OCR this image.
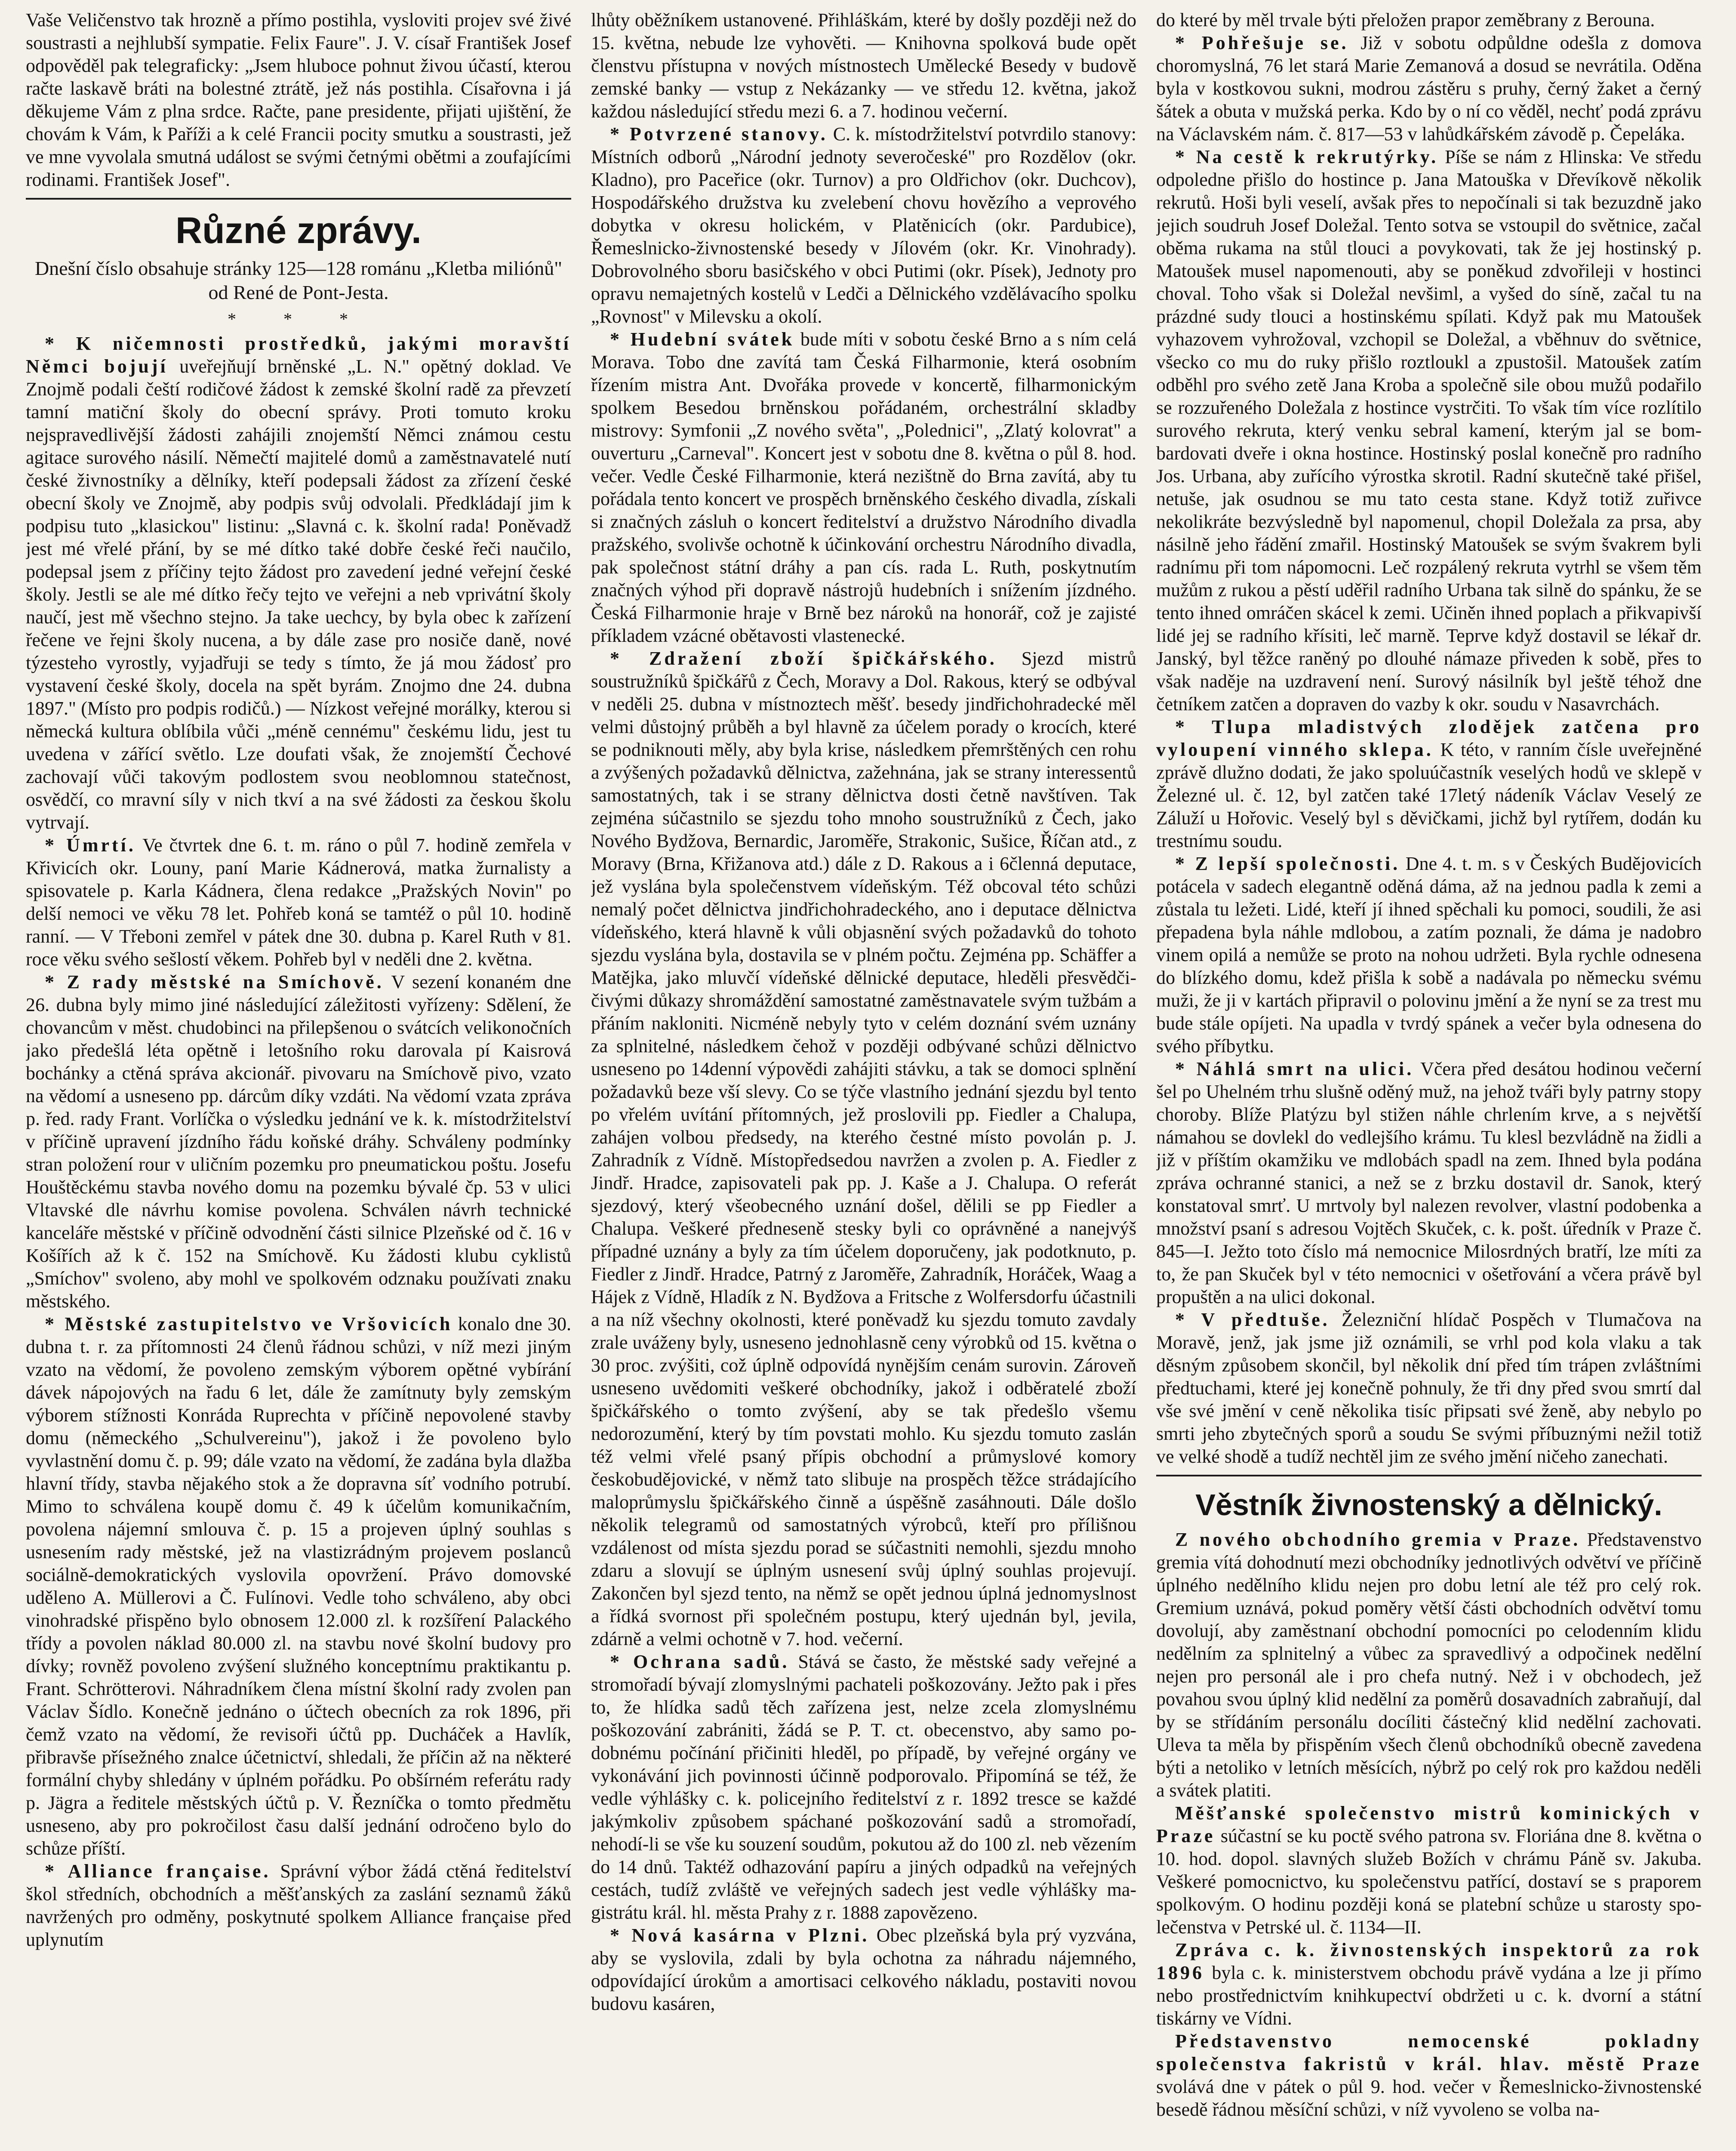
Vaše Veličenstvo tak hrozně a přímo postihla, vysloviti projev své živé soustrasti a nejhlubší sympatie. Felix Faure". J. V. císař František Josef odpověděl pak telegraficky: „Jsem hluboce pohnut živou účastí, kterou račte laskavě bráti na bolestné ztrátě, jež nás postihla. Císařovna i já děkujeme Vám z plna srdce. Račte, pane presidente, přijati ujištění, že chovám k Vám, k Paříži a k celé Francii pocity smutku a soustrasti, jež ve mne vyvolala smutná událost se svými četnými obětmi a zoufajícími rodinami. František Josef".

Různé zprávy.
Dnešní číslo obsahuje stránky 125—128 románu „Kletba miliónů" od René de Pont-Jesta.
* * *

* K ničemnosti prostředků, jakými moravští Němci bojují uveřejňují brněnské „L. N." opětný doklad. Ve Znojmě podali čeští rodičové žádost k zemské školní radě za převzetí tamní matiční školy do obecní správy. Proti tomuto kroku nejspravedlivější žádosti zahájili znojemští Němci známou cestu agitace surového násilí. Němečtí majitelé domů a zaměstnavatelé nutí české živnostníky a dělníky, kteří podepsali žádost za zřízení české obecní školy ve Znojmě, aby podpis svůj odvolali. Předkládají jim k podpisu tuto „klasickou" listinu: „Slavná c. k. školní rada! Poněvadž jest mé vřelé přání, by se mé dítko také dobře české řeči naučilo, podepsal jsem z příčiny tejto žádost pro zavedení jedné veřejní české školy. Jestli se ale mé dítko řečy tejto ve veřejni a neb vprivátní školy naučí, jest mě všechno stejno. Ja take uechcy, by byla obec k zařízení řečene ve řejni školy nucena, a by dále zase pro nosiče daně, nové týzesteho vyrostly, vyjadřuji se tedy s tímto, že já mou žádosť pro vystavení české školy, docela na spět byrám. Znojmo dne 24. dubna 1897." (Místo pro podpis rodičů.) — Nízkost veřejné morálky, kterou si německá kultura oblíbila vůči „méně cennému" českému lidu, jest tu uvedena v zářící světlo. Lze doufati však, že znojemští Čechové zachovají vůči takovým podlostem svou neoblomnou statečnost, osvědčí, co mravní síly v nich tkví a na své žádosti za českou školu vytrvají.

* Úmrtí. Ve čtvrtek dne 6. t. m. ráno o půl 7. hodině zemřela v Křivicích okr. Louny, paní Marie Kádnerová, matka žurnalisty a spisovatele p. Karla Kádnera, člena redakce „Pražských Novin" po delší nemoci ve věku 78 let. Pohřeb koná se tamtéž o půl 10. hodině ranní. — V Třeboni zemřel v pátek dne 30. dubna p. Karel Ruth v 81. roce věku svého sešlostí věkem. Pohřeb byl v neděli dne 2. května.

* Z rady městské na Smíchově. V sezení konaném dne 26. dubna byly mimo jiné následující záležitosti vyřízeny: Sdělení, že chovancům v měst. chudobinci na přilepšenou o svátcích velikonočních jako předešlá léta opětně i letošního roku darovala pí Kaisrová bochánky a ctěná správa akcionář. pivovaru na Smíchově pivo, vzato na vědomí a usneseno pp. dárcům díky vzdáti. Na vědomí vzata zpráva p. řed. rady Frant. Vorlíčka o výsledku jednání ve k. k. místodržitelství v příčině upravení jízdního řádu koňské dráhy. Schváleny podmínky stran položení rour v uličním pozemku pro pneumatickou poštu. Josefu Houštěckému stavba nového domu na pozemku bývalé čp. 53 v ulici Vltavské dle návrhu komise povolena. Schválen návrh technické kanceláře městské v příčině odvodnění části silnice Plzeňské od č. 16 v Košířích až k č. 152 na Smíchově. Ku žádosti klubu cyklistů „Smíchov" svoleno, aby mohl ve spolkovém odznaku používati znaku městského.

* Městské zastupitelstvo ve Vršovicích konalo dne 30. dubna t. r. za přítomnosti 24 členů řádnou schůzi, v níž mezi jiným vzato na vědomí, že povoleno zemským výborem opětné vybírání dávek nápojových na řadu 6 let, dále že zamítnuty byly zemským výborem stížnosti Konráda Ruprechta v příčině nepovolené stavby domu (německého „Schulvereinu"), jakož i že povoleno bylo vyvlastnění domu č. p. 99; dále vzato na vědomí, že zadána byla dlažba hlavní třídy, stavba nějakého stok a že dopravna síť vodního potrubí. Mimo to schválena koupě domu č. 49 k účelům komunikačním, povolena nájemní smlouva č. p. 15 a projeven úplný souhlas s usnesením rady městské, jež na vlastizrádným projevem poslanců sociálně-demokratických vyslovila opovržení. Právo domovské uděleno A. Müllerovi a Č. Fulínovi. Vedle toho schváleno, aby obci vinohradské přispěno bylo obnosem 12.000 zl. k rozšíření Palackého třídy a povolen náklad 80.000 zl. na stavbu nové školní budovy pro dívky; rovněž povoleno zvýšení služného konceptnímu praktikantu p. Frant. Schrötterovi. Náhradníkem člena místní školní rady zvolen pan Václav Šídlo. Konečně jednáno o účtech obecních za rok 1896, při čemž vzato na vědomí, že revisoři účtů pp. Ducháček a Havlík, přibravše přísežného znalce účetnictví, shledali, že příčin až na některé formální chyby shledány v úplném pořádku. Po obšírném referátu rady p. Jägra a ředitele městských účtů p. V. Řezníčka o tomto předmětu usneseno, aby pro pokročilost času další jednání odročeno bylo do schůze příští.

* Alliance française. Správní výbor žádá ctěná ředitelství škol středních, obchodních a měšťanských za zaslání seznamů žáků navržených pro odměny, poskytnuté spolkem Alliance française před uplynutím

lhůty oběžníkem ustanovené. Přihláškám, které by došly později než do 15. května, nebude lze vyhověti. — Knihovna spolková bude opět členstvu přístupna v nových místnostech Umělecké Besedy v budově zemské banky — vstup z Nekázanky — ve středu 12. května, jakož každou následující středu mezi 6. a 7. hodinou večerní.

* Potvrzené stanovy. C. k. místodržitelství potvrdilo stanovy: Místních odborů „Národní jednoty severočeské" pro Rozdělov (okr. Kladno), pro Paceřice (okr. Turnov) a pro Oldřichov (okr. Duchcov), Hospodářského družstva ku zvelebení chovu hovězího a veprového dobytka v okresu holickém, v Platěnicích (okr. Pardubice), Řemeslnicko-živnostenské besedy v Jílovém (okr. Kr. Vinohrady). Dobrovolného sboru basičského v obci Putimi (okr. Písek), Jednoty pro opravu nemajetných kostelů v Ledči a Dělnického vzdělávacího spolku „Rovnost" v Milevsku a okolí.

* Hudební svátek bude míti v sobotu české Brno a s ním celá Morava. Tobo dne zavítá tam Česká Filharmonie, která osobním řízením mistra Ant. Dvořáka provede v koncertě, filharmonickým spolkem Besedou brněnskou pořádaném, orchestrální skladby mistrovy: Symfonii „Z nového světa", „Polednici", „Zlatý kolovrat" a ouverturu „Carneval". Koncert jest v sobotu dne 8. května o půl 8. hod. večer. Vedle České Filharmonie, která nezištně do Brna zavítá, aby tu pořádala tento koncert ve prospěch brněnského českého divadla, získali si značných zásluh o koncert ředitelství a družstvo Národního divadla pražského, svolivše ochotně k účinkování orchestru Národního divadla, pak společnost státní dráhy a pan cís. rada L. Ruth, poskytnutím značných výhod při dopravě nástrojů hudebních i snížením jízdného. Česká Filharmonie hraje v Brně bez nároků na honorář, což je zajisté příkladem vzácné obětavosti vlastenecké.

* Zdražení zboží špičkářského. Sjezd mistrů soustružníků špičkářů z Čech, Moravy a Dol. Rakous, který se odbýval v neděli 25. dubna v místnoztech měšť. besedy jindřichohradecké měl velmi důstojný průběh a byl hlavně za účelem porady o krocích, které se podniknouti měly, aby byla krise, následkem přemrštěných cen rohu a zvýšených požadavků dělnictva, zažehnána, jak se strany interessentů samostatných, tak i se strany dělnictva dosti četně navštíven. Tak zejména súčastnilo se sjezdu toho mnoho soustružníků z Čech, jako Nového Bydžova, Bernardic, Jaroměře, Strakonic, Sušice, Říčan atd., z Moravy (Brna, Křižanova atd.) dále z D. Rakous a i 6členná deputace, jež vyslána byla společenstvem vídeňským. Též obcoval této schůzi nemalý počet dělnictva jindřichohradeckého, ano i deputace dělnictva vídeňského, která hlavně k vůli objasnění svých požadavků do tohoto sjezdu vyslána byla, dostavila se v plném počtu. Zejména pp. Schäffer a Matějka, jako mluvčí vídeňské dělnické deputace, hleděli přesvědčičivými důkazy shromáždění samostatné zaměstnavatele svým tužbám a přáním nakloniti. Nicméně nebyly tyto v celém doznání svém uznány za splnitelné, následkem čehož v později odbývané schůzi dělnictvo usneseno po 14denní výpovědi zahájiti stávku, a tak se domoci splnění požadavků beze vší slevy. Co se týče vlastního jednání sjezdu byl tento po vřelém uvítání přítomných, jež proslovili pp. Fiedler a Chalupa, zahájen volbou předsedy, na kterého čestné místo povolán p. J. Zahradník z Vídně. Místopředsedou navržen a zvolen p. A. Fiedler z Jindř. Hradce, zapisovateli pak pp. J. Kaše a J. Chalupa. O referát sjezdový, který všeobecného uznání došel, dělili se pp Fiedler a Chalupa. Veškeré předneseně stesky byli co oprávněné a nanejvýš případné uznány a byly za tím účelem doporučeny, jak podotknuto, p. Fiedler z Jindř. Hradce, Patrný z Jaroměře, Zahradník, Horáček, Waag a Hájek z Vídně, Hladík z N. Bydžova a Fritsche z Wolfersdorfu účastnili a na níž všechny okolnosti, které poněvadž ku sjezdu tomuto zavdaly zrale uváženy byly, usneseno jednohlasně ceny výrobků od 15. května o 30 proc. zvýšiti, což úplně odpovídá nynějším cenám surovin. Zároveň usneseno uvědomiti veškeré obchodníky, jakož i odběratelé zboží špičkářského o tomto zvýšení, aby se tak předešlo všemu nedorozumění, který by tím povstati mohlo. Ku sjezdu tomuto zaslán též velmi vřelé psaný přípis obchodní a průmyslové komory českobudějovické, v němž tato slibuje na prospěch těžce strádajícího maloprůmyslu špičkářského činně a úspěšně zasáhnouti. Dále došlo několik telegramů od samostatných výrobců, kteří pro přílišnou vzdálenost od místa sjezdu porad se súčastniti nemohli, sjezdu mnoho zdaru a slovují se úplným usnesení svůj úplný souhlas projevují. Zakončen byl sjezd tento, na němž se opět jednou úplná jednomyslnost a řídká svornost při společném postupu, který ujednán byl, jevila, zdárně a velmi ochotně v 7. hod. večerní.

* Ochrana sadů. Stává se často, že městské sady veřejné a stromořadí bývají zlomyslnými pachateli poškozovány. Ježto pak i přes to, že hlídka sadů těch zařízena jest, nelze zcela zlomyslnému poškozování zabrániti, žádá se P. T. ct. obecenstvo, aby samo podobnému počínání přičiniti hleděl, po případě, by veřejné orgány ve vykonávání jich povinnosti účinně podporovalo. Připomíná se též, že vedle výhlášky c. k. policejního ředitelství z r. 1892 tresce se každé jakýmkoliv způsobem spáchané poškozování sadů a stromořadí, nehodí-li se vše ku souzení soudům, pokutou až do 100 zl. neb vězením do 14 dnů. Taktéž odhazování papíru a jiných odpadků na veřejných cestách, tudíž zvláště ve veřejných sadech jest vedle výhlášky magistrátu král. hl. města Prahy z r. 1888 zapovězeno.

* Nová kasárna v Plzni. Obec plzeňská byla prý vyzvána, aby se vyslovila, zdali by byla ochotna za náhradu nájemného, odpovídající úrokům a amortisaci celkového nákladu, postaviti novou budovu kasáren,

do které by měl trvale býti přeložen prapor zeměbrany z Berouna.

* Pohřešuje se. Již v sobotu odpůldne odešla z domova choromyslná, 76 let stará Marie Zemanová a dosud se nevrátila. Oděna byla v kostkovou sukni, modrou zástěru s pruhy, černý žaket a černý šátek a obuta v mužská perka. Kdo by o ní co věděl, nechť podá zprávu na Václavském nám. č. 817—53 v lahůdkářském závodě p. Čepeláka.

* Na cestě k rekrutýrky. Píše se nám z Hlinska: Ve středu odpoledne přišlo do hostince p. Jana Matouška v Dřevíkově několik rekrutů. Hoši byli veselí, avšak přes to nepočínali si tak bezuzdně jako jejich soudruh Josef Doležal. Tento sotva se vstoupil do světnice, začal oběma rukama na stůl tlouci a povykovati, tak že jej hostinský p. Matoušek musel napomenouti, aby se poněkud zdvořileji v hostinci choval. Toho však si Doležal nevšiml, a vyšed do síně, začal tu na prázdné sudy tlouci a hostinskému spílati. Když pak mu Matoušek vyhazovem vyhrožoval, vzchopil se Doležal, a vběhnuv do světnice, všecko co mu do ruky přišlo roztloukl a zpustošil. Matoušek zatím odběhl pro svého zetě Jana Kroba a společně sile obou mužů podařilo se rozzuřeného Doležala z hostince vystrčiti. To však tím více rozlítilo surového rekruta, který venku sebral kamení, kterým jal se bombardovati dveře i okna hostince. Hostinský poslal konečně pro radního Jos. Urbana, aby zuřícího výrostka skrotil. Radní skutečně také přišel, netuše, jak osudnou se mu tato cesta stane. Když totiž zuřivce nekolikráte bezvýsledně byl napomenul, chopil Doležala za prsa, aby násilně jeho řádění zmařil. Hostinský Matoušek se svým švakrem byli radnímu při tom nápomocni. Leč rozpálený rekruta vytrhl se všem těm mužům z rukou a pěstí uděřil radního Urbana tak silně do spánku, že se tento ihned omráčen skácel k zemi. Učiněn ihned poplach a přikvapivší lidé jej se radního křísiti, leč marně. Teprve když dostavil se lékař dr. Janský, byl těžce raněný po dlouhé námaze přiveden k sobě, přes to však naděje na uzdravení není. Surový násilník byl ještě téhož dne četníkem zatčen a dopraven do vazby k okr. soudu v Nasavrchách.

* Tlupa mladistvých zlodějek zatčena pro vyloupení vinného sklepa. K této, v ranním čísle uveřejněné zprávě dlužno dodati, že jako spoluúčastník veselých hodů ve sklepě v Železné ul. č. 12, byl zatčen také 17letý nádeník Václav Veselý ze Záluží u Hořovic. Veselý byl s děvičkami, jichž byl rytířem, dodán ku trestnímu soudu.

* Z lepší společnosti. Dne 4. t. m. s v Českých Budějovicích potácela v sadech elegantně oděná dáma, až na jednou padla k zemi a zůstala tu ležeti. Lidé, kteří jí ihned spěchali ku pomoci, soudili, že asi přepadena byla náhle mdlobou, a zatím poznali, že dáma je nadobro vinem opilá a nemůže se proto na nohou udržeti. Byla rychle odnesena do blízkého domu, kdež přišla k sobě a nadávala po německu svému muži, že ji v kartách připravil o polovinu jmění a že nyní se za trest mu bude stále opíjeti. Na upadla v tvrdý spánek a večer byla odnesena do svého příbytku.

* Náhlá smrt na ulici. Včera před desátou hodinou večerní šel po Uhelném trhu slušně oděný muž, na jehož tváři byly patrny stopy choroby. Blíže Platýzu byl stižen náhle chrlením krve, a s největší námahou se dovlekl do vedlejšího krámu. Tu klesl bezvládně na židli a již v příštím okamžiku ve mdlobách spadl na zem. Ihned byla podána zpráva ochranné stanici, a než se z brzku dostavil dr. Sanok, který konstatoval smrť. U mrtvoly byl nalezen revolver, vlastní podobenka a množství psaní s adresou Vojtěch Skuček, c. k. pošt. úředník v Praze č. 845—I. Ježto toto číslo má nemocnice Milosrdných bratří, lze míti za to, že pan Skuček byl v této nemocnici v ošetřování a včera právě byl propuštěn a na ulici dokonal.

* V předtuše. Železniční hlídač Pospěch v Tlumačova na Moravě, jenž, jak jsme již oznámili, se vrhl pod kola vlaku a tak děsným způsobem skončil, byl několik dní před tím trápen zvláštními předtuchami, které jej konečně pohnuly, že tři dny před svou smrtí dal vše své jmění v ceně několika tisíc připsati své ženě, aby nebylo po smrti jeho zbytečných sporů a soudu Se svými příbuznými nežil totiž ve velké shodě a tudíž nechtěl jim ze svého jmění ničeho zanechati.

Věstník živnostenský a dělnický.

Z nového obchodního gremia v Praze. Představenstvo gremia vítá dohodnutí mezi obchodníky jednotlivých odvětví ve příčině úplného nedělního klidu nejen pro dobu letní ale též pro celý rok. Gremium uznává, pokud poměry větší části obchodních odvětví tomu dovolují, aby zaměstnaní obchodní pomocníci po celodenním klidu nedělním za splnitelný a vůbec za spravedlivý a odpočinek nedělní nejen pro personál ale i pro chefa nutný. Než i v obchodech, jež povahou svou úplný klid nedělní za poměrů dosavadních zabraňují, dal by se střídáním personálu docíliti částečný klid nedělní zachovati. Uleva ta měla by přispěním všech členů obchodníků obecně zavedena býti a netoliko v letních měsících, nýbrž po celý rok pro každou neděli a svátek platiti.

Měšťanské společenstvo mistrů kominických v Praze súčastní se ku poctě svého patrona sv. Floriána dne 8. května o 10. hod. dopol. slavných služeb Božích v chrámu Páně sv. Jakuba. Veškeré pomocnictvo, ku společenstvu patřící, dostaví se s praporem spolkovým. O hodinu později koná se platební schůze u starosty společenstva v Petrské ul. č. 1134—II.

Zpráva c. k. živnostenských inspektorů za rok 1896 byla c. k. ministerstvem obchodu právě vydána a lze ji přímo nebo prostřednictvím knihkupectví obdržeti u c. k. dvorní a státní tiskárny ve Vídni.

Představenstvo nemocenské pokladny společenstva fakristů v král. hlav. městě Praze svolává dne v pátek o půl 9. hod. večer v Řemeslnicko-živnostenské besedě řádnou měsíční schůzi, v níž vyvoleno se volba na-
